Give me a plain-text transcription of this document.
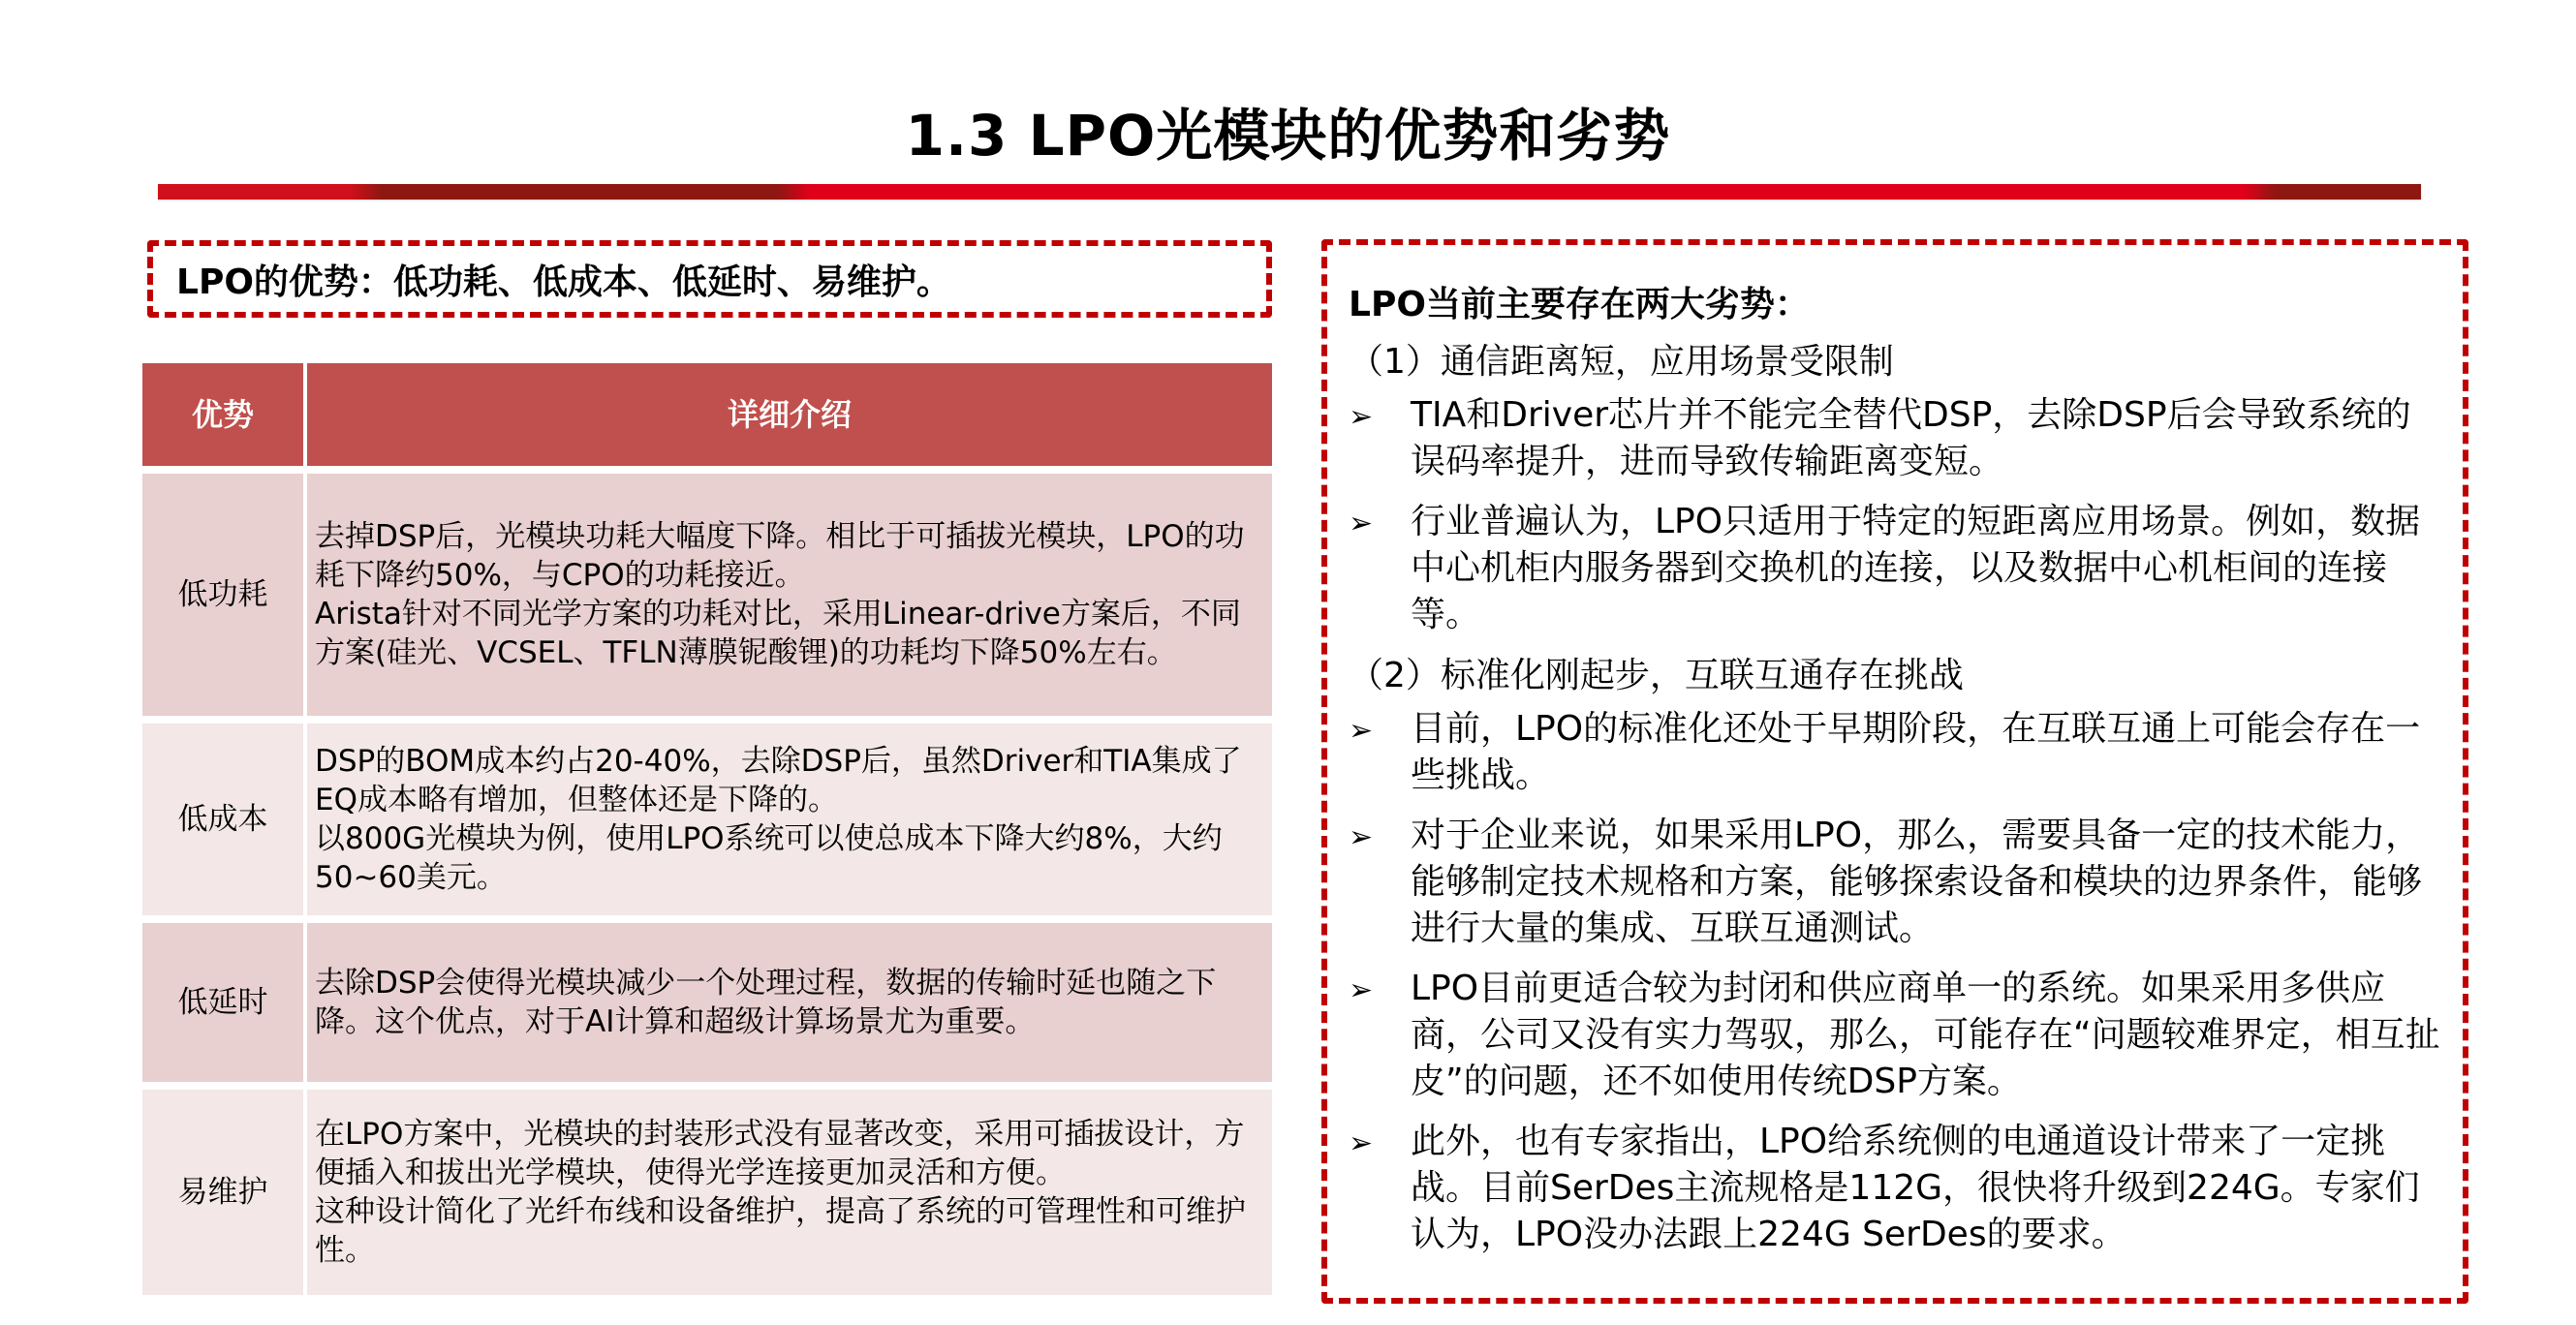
1.3 LPO光模块的优势和劣势
LPO的优势：低功耗、低成本、低延时、易维护。
优势	详细介绍
低功耗	去掉DSP后，光模块功耗大幅度下降。相比于可插拔光模块，LPO的功耗下降约50%，与CPO的功耗接近。
Arista针对不同光学方案的功耗对比，采用Linear-drive方案后，不同方案(硅光、VCSEL、TFLN薄膜铌酸锂)的功耗均下降50%左右。

低成本	DSP的BOM成本约占20-40%，去除DSP后，虽然Driver和TIA集成了EQ成本略有增加，但整体还是下降的。
以800G光模块为例，使用LPO系统可以使总成本下降大约8%，大约50~60美元。

低延时	去除DSP会使得光模块减少一个处理过程，数据的传输时延也随之下降。这个优点，对于AI计算和超级计算场景尤为重要。

易维护	在LPO方案中，光模块的封装形式没有显著改变，采用可插拔设计，方便插入和拔出光学模块，使得光学连接更加灵活和方便。
这种设计简化了光纤布线和设备维护，提高了系统的可管理性和可维护性。
LPO当前主要存在两大劣势：
（1）通信距离短，应用场景受限制
➢	TIA和Driver芯片并不能完全替代DSP，去除DSP后会导致系统的误码率提升，进而导致传输距离变短。
➢	行业普遍认为，LPO只适用于特定的短距离应用场景。例如，数据中心机柜内服务器到交换机的连接，以及数据中心机柜间的连接等。
（2）标准化刚起步，互联互通存在挑战
➢	目前，LPO的标准化还处于早期阶段，在互联互通上可能会存在一些挑战。
➢	对于企业来说，如果采用LPO，那么，需要具备一定的技术能力，能够制定技术规格和方案，能够探索设备和模块的边界条件，能够进行大量的集成、互联互通测试。
➢	LPO目前更适合较为封闭和供应商单一的系统。如果采用多供应商，公司又没有实力驾驭，那么，可能存在“问题较难界定，相互扯皮”的问题，还不如使用传统DSP方案。
➢	此外，也有专家指出，LPO给系统侧的电通道设计带来了一定挑战。目前SerDes主流规格是112G，很快将升级到224G。专家们认为，LPO没办法跟上224G SerDes的要求。
